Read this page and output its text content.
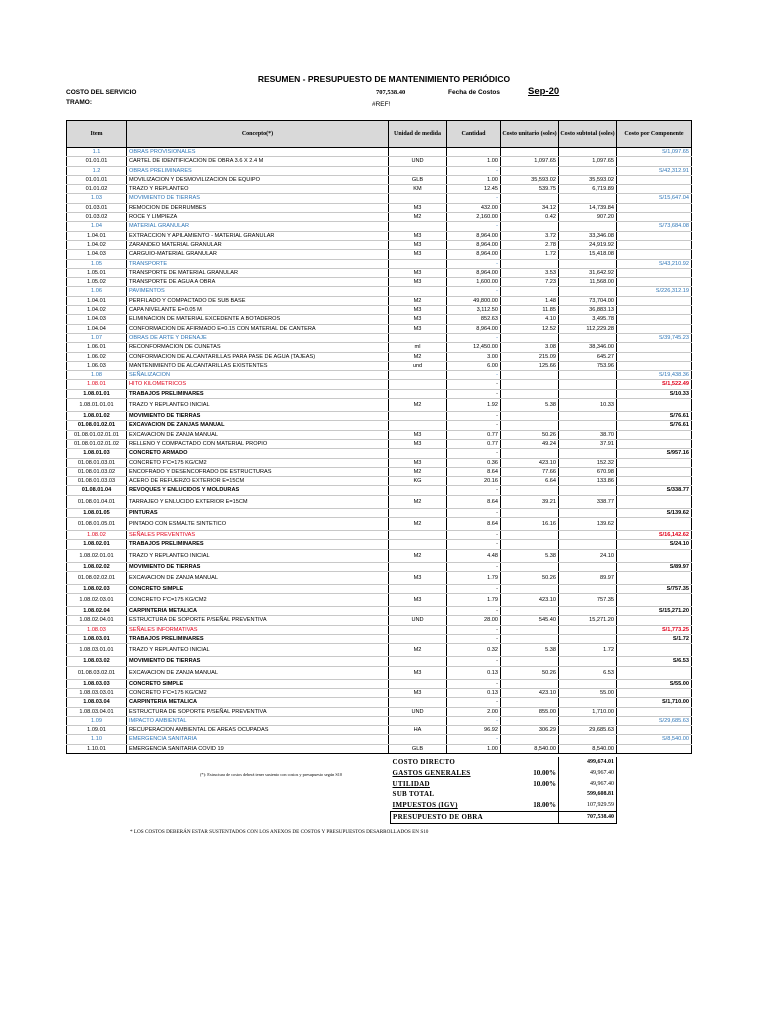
RESUMEN - PRESUPUESTO DE MANTENIMIENTO PERIÓDICO
COSTO DEL SERVICIO	707,538.40	Fecha de Costos	Sep-20
TRAMO:	#REF!
Item	Concepto(*)	Unidad de medida	Cantidad	Costo unitario (soles)	Costo subtotal (soles)	Costo por Componente
1.1	OBRAS PROVISIONALES					S/1,097.65
01.01.01	CARTEL DE IDENTIFICACION DE OBRA 3.6 X 2.4 M	UND	1.00	1,097.65	1,097.65	
1.2	OBRAS PRELIMINARES		-			S/42,312.91
01.01.01	MOVILIZACION Y DESMOVILIZACION DE EQUIPO	GLB	1.00	35,593.02	35,593.02	
01.01.02	TRAZO Y REPLANTEO	KM	12.45	539.75	6,719.89	
1.03	MOVIMIENTO DE TIERRAS		-			S/15,647.04
01.03.01	REMOCION DE DERRUMBES	M3	432.00	34.12	14,739.84	
01.03.02	ROCE Y LIMPIEZA	M2	2,160.00	0.42	907.20	
1.04	MATERIAL GRANULAR		-			S/73,684.08
1.04.01	EXTRACCION Y APILAMIENTO - MATERIAL GRANULAR	M3	8,964.00	3.72	33,346.08	
1.04.02	ZARANDEO MATERIAL GRANULAR	M3	8,964.00	2.78	24,919.92	
1.04.03	CARGUIO-MATERIAL GRANULAR	M3	8,964.00	1.72	15,418.08	
1.05	TRANSPORTE		-			S/43,210.92
1.05.01	TRANSPORTE DE MATERIAL GRANULAR	M3	8,964.00	3.53	31,642.92	
1.05.02	TRANSPORTE DE AGUA A OBRA	M3	1,600.00	7.23	11,568.00	
1.06	PAVIMENTOS		-			S/226,312.19
1.04.01	PERFILADO Y COMPACTADO DE SUB BASE	M2	49,800.00	1.48	73,704.00	
1.04.02	CAPA NIVELANTE E=0.05 M	M3	3,112.50	11.85	36,883.13	
1.04.03	ELIMINACION DE MATERIAL EXCEDENTE A BOTADEROS	M3	852.63	4.10	3,495.78	
1.04.04	CONFORMACION DE AFIRMADO E=0.15 CON MATERIAL DE CANTERA	M3	8,964.00	12.52	112,229.28	
1.07	OBRAS DE ARTE Y DRENAJE		-			S/39,745.23
1.06.01	RECONFORMACION DE CUNETAS	ml	12,450.00	3.08	38,346.00	
1.06.02	CONFORMACION DE ALCANTARILLAS PARA PASE DE AGUA (TAJEAS)	M2	3.00	215.09	645.27	
1.06.03	MANTENIMIENTO DE ALCANTARILLAS EXISTENTES	und	6.00	125.66	753.96	
1.08	SEÑALIZACION		-			S/19,438.36
1.08.01	HITO KILOMETRICOS		-			S/1,522.49
1.08.01.01	TRABAJOS PRELIMINARES		-			S/10.33
1.08.01.01.01	TRAZO Y REPLANTEO INICIAL	M2	1.92	5.38	10.33	
1.08.01.02	MOVIMIENTO DE TIERRAS		-			S/76.61
01.08.01.02.01	EXCAVACION DE ZANJAS MANUAL		-			S/76.61
01.08.01.02.01.01	EXCAVACION DE ZANJA MANUAL	M3	0.77	50.26	38.70	
01.08.01.02.01.02	RELLENO Y COMPACTADO CON MATERIAL PROPIO	M3	0.77	49.24	37.91	
1.08.01.03	CONCRETO ARMADO		-			S/957.16
01.08.01.03.01	CONCRETO F'C=175 KG/CM2	M3	0.36	423.10	152.32	
01.08.01.03.02	ENCOFRADO Y DESENCOFRADO DE ESTRUCTURAS	M2	8.64	77.66	670.98	
01.08.01.03.03	ACERO DE REFUERZO EXTERIOR E=15CM	KG	20.16	6.64	133.86	
01.08.01.04	REVOQUES Y ENLUCIDOS Y MOLDURAS		-			S/338.77
01.08.01.04.01	TARRAJEO Y ENLUCIDO EXTERIOR E=15CM	M2	8.64	39.21	338.77	
1.08.01.05	PINTURAS		-			S/139.62
01.08.01.05.01	PINTADO CON ESMALTE SINTETICO	M2	8.64	16.16	139.62	
1.08.02	SEÑALES PREVENTIVAS		-			S/16,142.62
1.08.02.01	TRABAJOS PRELIMINARES		-			S/24.10
1.08.02.01.01	TRAZO Y REPLANTEO INICIAL	M2	4.48	5.38	24.10	
1.08.02.02	MOVIMIENTO DE TIERRAS		-			S/89.97
01.08.02.02.01	EXCAVACION DE ZANJA MANUAL	M3	1.79	50.26	89.97	
1.08.02.03	CONCRETO SIMPLE		-			S/757.35
1.08.02.03.01	CONCRETO F'C=175 KG/CM2	M3	1.79	423.10	757.35	
1.08.02.04	CARPINTERIA METALICA		-			S/15,271.20
1.08.02.04.01	ESTRUCTURA DE SOPORTE P/SEÑAL PREVENTIVA	UND	28.00	545.40	15,271.20	
1.08.03	SEÑALES INFORMATIVAS		-			S/1,773.25
1.08.03.01	TRABAJOS PRELIMINARES		-			S/1.72
1.08.03.01.01	TRAZO Y REPLANTEO INICIAL	M2	0.32	5.38	1.72	
1.08.03.02	MOVIMIENTO DE TIERRAS		-			S/6.53
01.08.03.02.01	EXCAVACION DE ZANJA MANUAL	M3	0.13	50.26	6.53	
1.08.03.03	CONCRETO SIMPLE		-			S/55.00
1.08.03.03.01	CONCRETO F'C=175 KG/CM2	M3	0.13	423.10	55.00	
1.08.03.04	CARPINTERIA METALICA		-			S/1,710.00
1.08.03.04.01	ESTRUCTURA DE SOPORTE P/SEÑAL PREVENTIVA	UND	2.00	855.00	1,710.00	
1.09	IMPACTO AMBIENTAL		-			S/29,685.63
1.09.01	RECUPERACION AMBIENTAL DE AREAS OCUPADAS	HA	96.92	306.29	29,685.63	
1.10	EMERGENCIA SANITARIA		-			S/8,540.00
1.10.01	EMERGENCIA SANITARIA COVID 19	GLB	1.00	8,540.00	8,540.00	
COSTO DIRECTO		499,674.01
GASTOS GENERALES	10.00%	49,967.40
UTILIDAD	10.00%	49,967.40
SUB TOTAL		599,608.81
IMPUESTOS (IGV)	18.00%	107,929.59
PRESUPUESTO DE OBRA		707,538.40
(*): Estructura de costos deberá tener sustento con costos y presupuesto según S10
* LOS COSTOS DEBERÁN ESTAR SUSTENTADOS CON LOS ANEXOS DE COSTOS Y PRESUPUESTOS DESARROLLADOS EN S10
